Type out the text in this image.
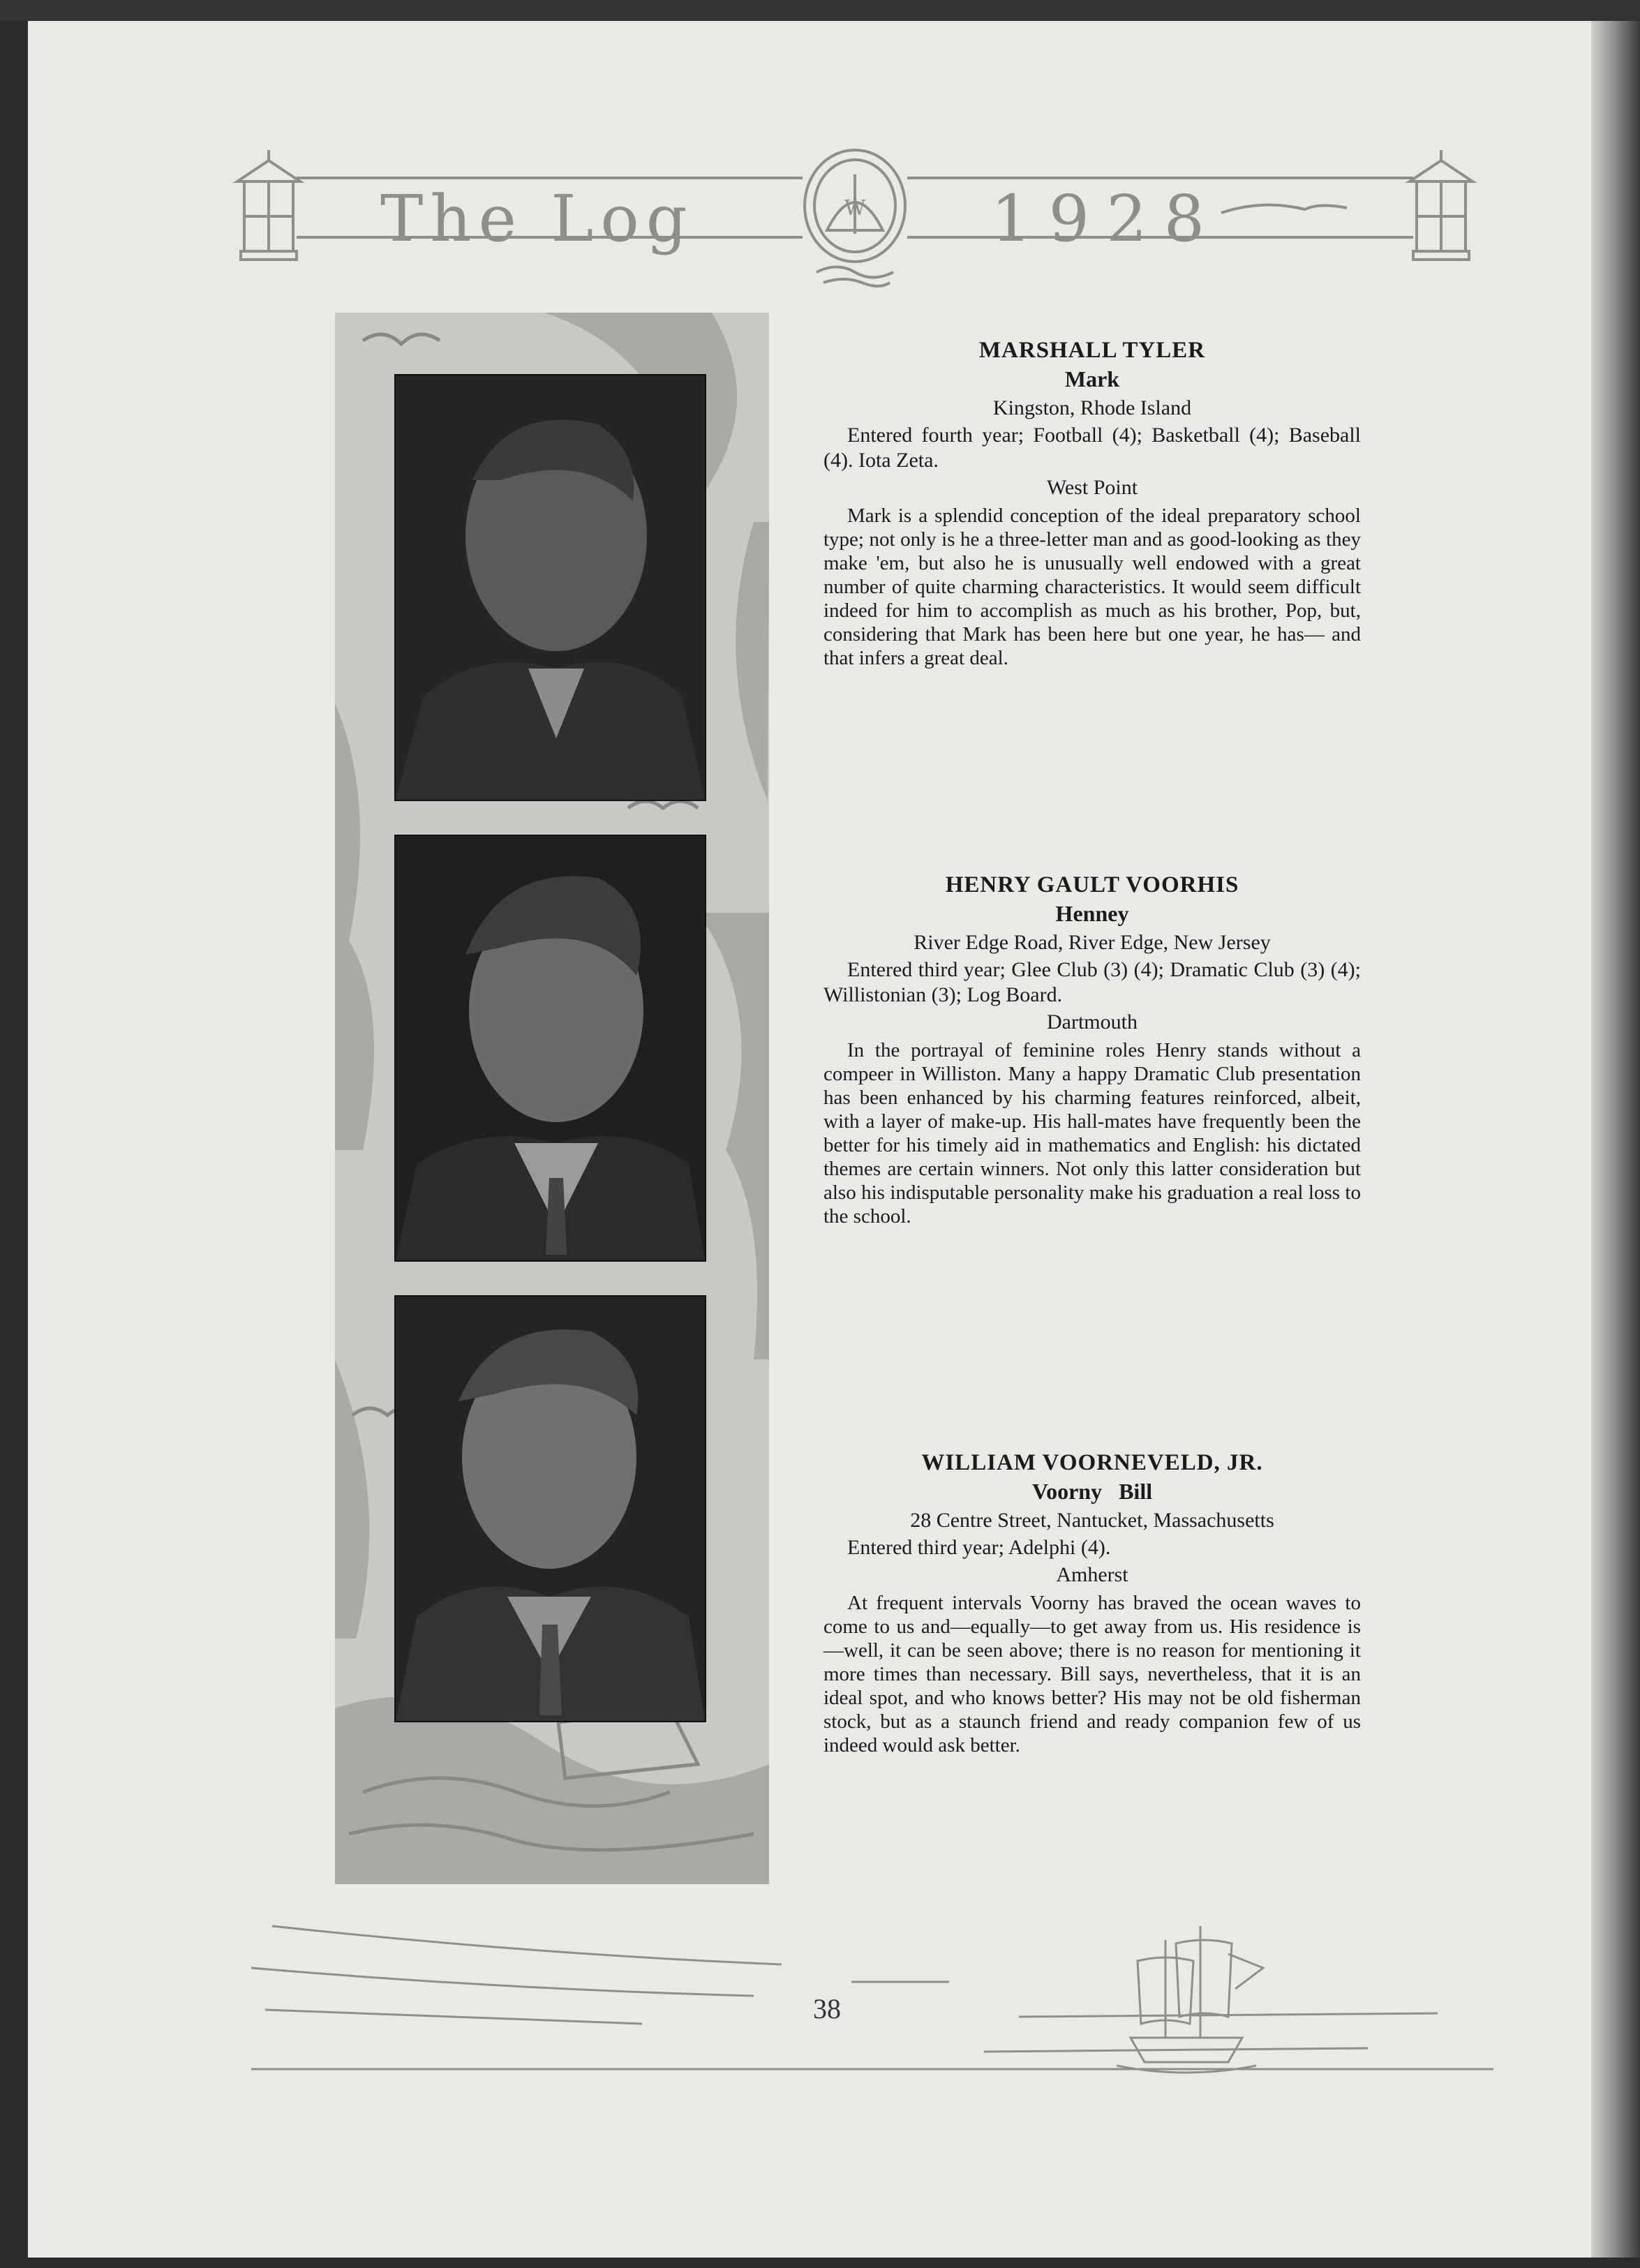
W
The Log	1928
MARSHALL TYLER
Mark
Kingston, Rhode Island
Entered fourth year; Football (4); Basketball (4); Baseball (4). Iota Zeta.
West Point
Mark is a splendid conception of the ideal preparatory school type; not only is he a three-letter man and as good-looking as they make 'em, but also he is unusually well endowed with a great number of quite charming characteristics. It would seem difficult indeed for him to accomplish as much as his brother, Pop, but, considering that Mark has been here but one year, he has— and that infers a great deal.
HENRY GAULT VOORHIS
Henney
River Edge Road, River Edge, New Jersey
Entered third year; Glee Club (3) (4); Dramatic Club (3) (4); Willistonian (3); Log Board.
Dartmouth
In the portrayal of feminine roles Henry stands without a compeer in Williston. Many a happy Dramatic Club presentation has been enhanced by his charming features reinforced, albeit, with a layer of make-up. His hall-mates have frequently been the better for his timely aid in mathematics and English: his dictated themes are certain winners. Not only this latter consideration but also his indisputable personality make his graduation a real loss to the school.
WILLIAM VOORNEVELD, JR.
Voorny   Bill
28 Centre Street, Nantucket, Massachusetts
Entered third year; Adelphi (4).
Amherst
At frequent intervals Voorny has braved the ocean waves to come to us and—equally—to get away from us. His residence is—well, it can be seen above; there is no reason for mentioning it more times than necessary. Bill says, nevertheless, that it is an ideal spot, and who knows better? His may not be old fisherman stock, but as a staunch friend and ready companion few of us indeed would ask better.
38
